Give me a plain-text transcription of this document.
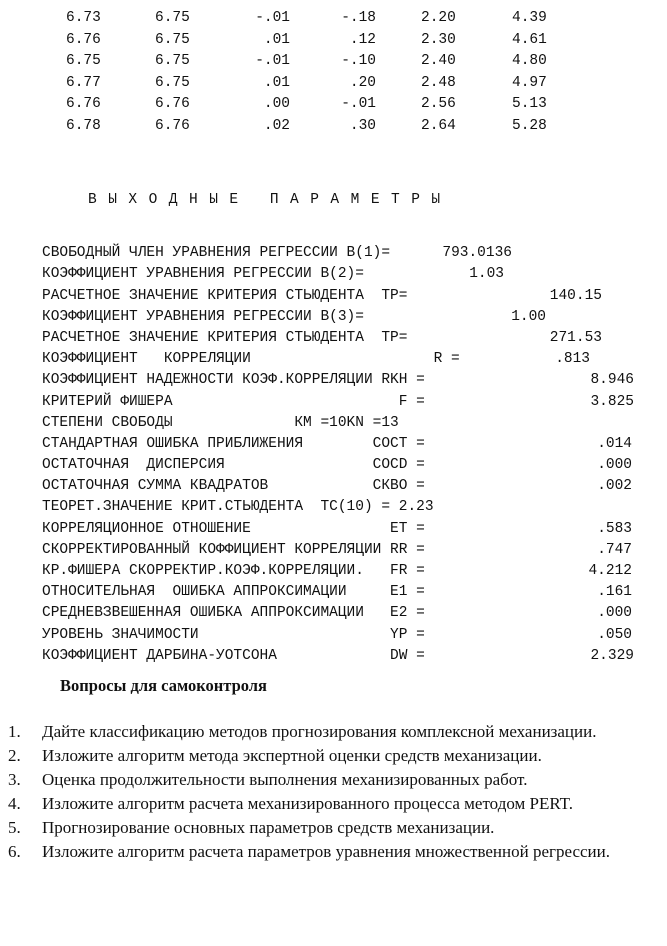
6.73	6.75	-.01	-.18	2.20	4.39
6.76	6.75	.01	.12	2.30	4.61
6.75	6.75	-.01	-.10	2.40	4.80
6.77	6.75	.01	.20	2.48	4.97
6.76	6.76	.00	-.01	2.56	5.13
6.78	6.76	.02	.30	2.64	5.28

ВЫХОДНЫЕ ПАРАМЕТРЫ

СВОБОДНЫЙ ЧЛЕН УРАВНЕНИЯ РЕГРЕССИИ В(1)=	793.0136
КОЭФФИЦИЕНТ УРАВНЕНИЯ РЕГРЕССИИ В(2)=	1.03
РАСЧЕТНОЕ ЗНАЧЕНИЕ КРИТЕРИЯ СТЬЮДЕНТА  ТР=	140.15
КОЭФФИЦИЕНТ УРАВНЕНИЯ РЕГРЕССИИ В(3)=	1.00
РАСЧЕТНОЕ ЗНАЧЕНИЕ КРИТЕРИЯ СТЬЮДЕНТА  ТР=	271.53
КОЭФФИЦИЕНТ   КОРРЕЛЯЦИИ                     R =	.813
КОЭФФИЦИЕНТ НАДЕЖНОСТИ КОЭФ.КОРРЕЛЯЦИИ RKH =	8.946
КРИТЕРИЙ ФИШЕРА                          F =	3.825
СТЕПЕНИ СВОБОДЫ              КМ =10KN =13
СТАНДАРТНАЯ ОШИБКА ПРИБЛИЖЕНИЯ        СОСТ =	.014
ОСТАТОЧНАЯ  ДИСПЕРСИЯ                 СОСD =	.000
ОСТАТОЧНАЯ СУММА КВАДРАТОВ            СКВО =	.002
ТЕОРЕТ.ЗНАЧЕНИЕ КРИТ.СТЬЮДЕНТА  TC(10) = 2.23
КОРРЕЛЯЦИОННОЕ ОТНОШЕНИЕ                ЕТ =	.583
СКОРРЕКТИРОВАННЫЙ КОФФИЦИЕНТ КОРРЕЛЯЦИИ RR =	.747
КР.ФИШЕРА СКОРРЕКТИР.КОЭФ.КОРРЕЛЯЦИИ.   FR =	4.212
ОТНОСИТЕЛЬНАЯ  ОШИБКА АППРОКСИМАЦИИ     Е1 =	.161
СРЕДНЕВЗВЕШЕННАЯ ОШИБКА АППРОКСИМАЦИИ   Е2 =	.000
УРОВЕНЬ ЗНАЧИМОСТИ                      YP =	.050
КОЭФФИЦИЕНТ ДАРБИНА-УОТСОНА             DW =	2.329

Вопросы для самоконтроля
1. Дайте классификацию методов прогнозирования комплексной механизации.
2. Изложите алгоритм метода экспертной оценки средств механизации.
3. Оценка продолжительности выполнения механизированных работ.
4. Изложите алгоритм расчета механизированного процесса методом PERT.
5. Прогнозирование основных параметров средств механизации.
6. Изложите алгоритм расчета параметров уравнения множественной регрессии.
